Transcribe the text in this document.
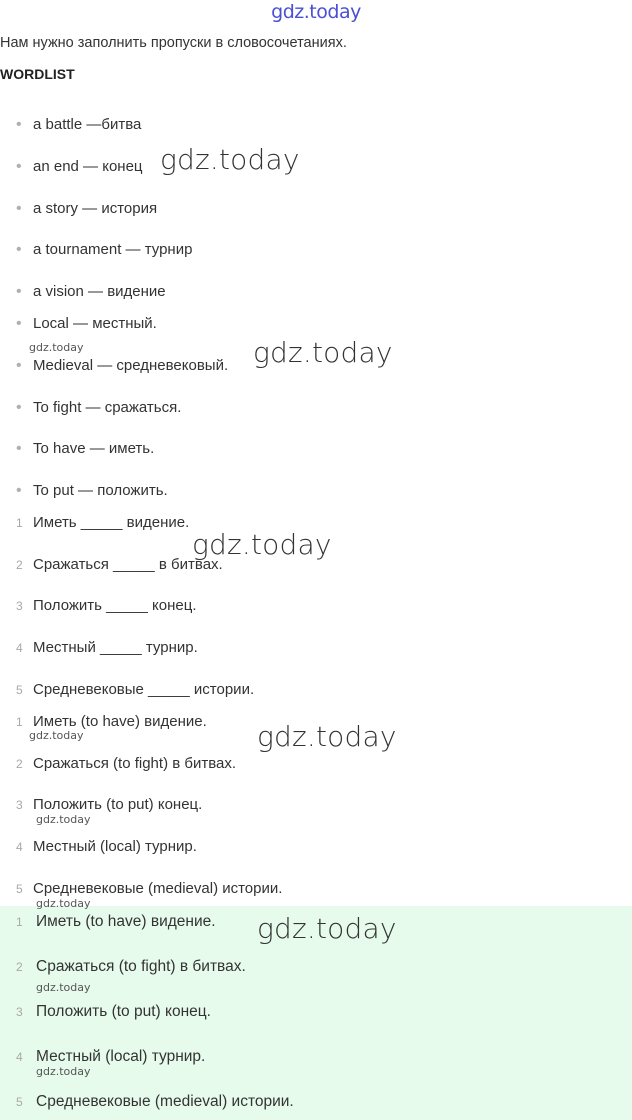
gdz.today
Нам нужно заполнить пропуски в словосочетаниях.
WORDLIST
• a battle —битва
• an end — конец
• a story — история
• a tournament — турнир
• a vision — видение
• Local — местный.
• Medieval — средневековый.
• To fight — сражаться.
• To have — иметь.
• To put — положить.
1 Иметь _____ видение.
2 Сражаться _____ в битвах.
3 Положить _____ конец.
4 Местный _____ турнир.
5 Средневековые _____ истории.
1 Иметь (to have) видение.
2 Сражаться (to fight) в битвах.
3 Положить (to put) конец.
4 Местный (local) турнир.
5 Средневековые (medieval) истории.
1 Иметь (to have) видение.
2 Сражаться (to fight) в битвах.
3 Положить (to put) конец.
4 Местный (local) турнир.
5 Средневековые (medieval) истории.
gdz.today
gdz.today
gdz.today
gdz.today
gdz.today
gdz.today
gdz.today
gdz.today
gdz.today
gdz.today
gdz.today
